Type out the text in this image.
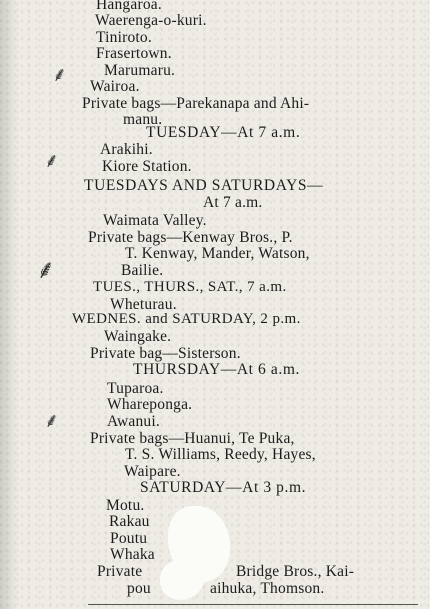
Hangaroa.
Waerenga-o-kuri.
Tiniroto.
Frasertown.
Marumaru.
Wairoa.
Private bags—Parekanapa and Ahi-
manu.
TUESDAY—At 7 a.m.
Arakihi.
Kiore Station.
TUESDAYS AND SATURDAYS—
At 7 a.m.
Waimata Valley.
Private bags—Kenway Bros., P.
T. Kenway, Mander, Watson,
Bailie.
TUES., THURS., SAT., 7 a.m.
Wheturau.
WEDNES. and SATURDAY, 2 p.m.
Waingake.
Private bag—Sisterson.
THURSDAY—At 6 a.m.
Tuparoa.
Whareponga.
Awanui.
Private bags—Huanui, Te Puka,
T. S. Williams, Reedy, Hayes,
Waipare.
SATURDAY—At 3 p.m.
Motu.
Rakau
Poutu
Whaka
Private	Bridge Bros., Kai-
pou	aihuka, Thomson.
⸙
⸙
⸙
⸙
